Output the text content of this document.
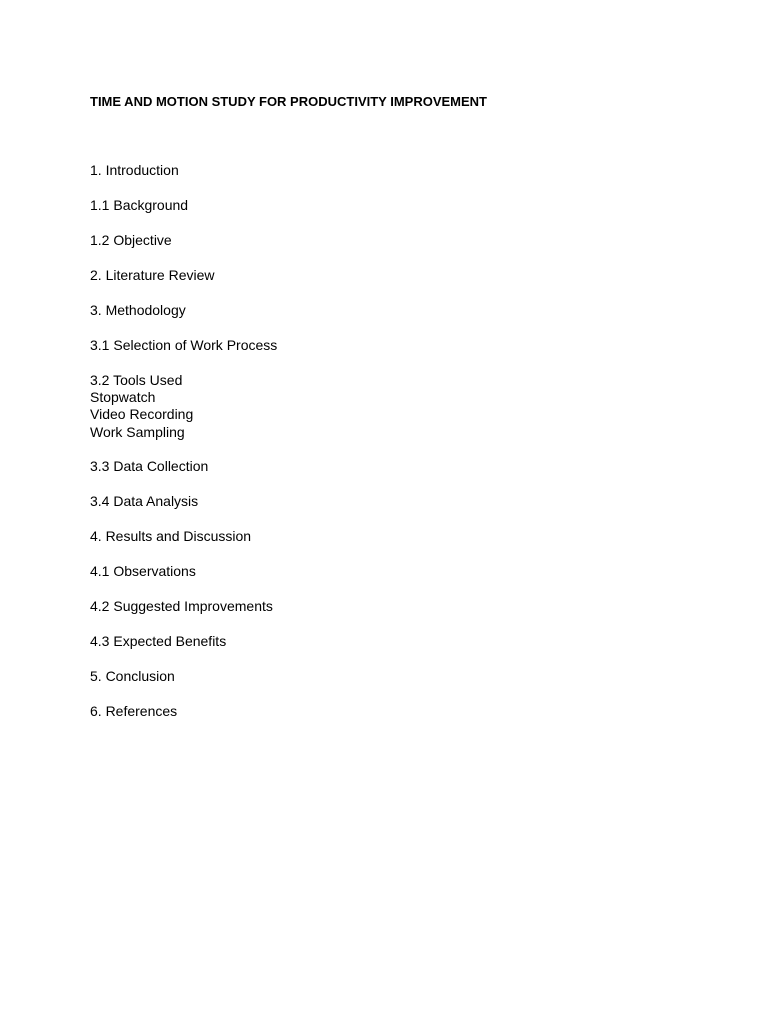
TIME AND MOTION STUDY FOR PRODUCTIVITY IMPROVEMENT
1. Introduction
1.1 Background
1.2 Objective
2. Literature Review
3. Methodology
3.1 Selection of Work Process
3.2 Tools Used
Stopwatch
Video Recording
Work Sampling
3.3 Data Collection
3.4 Data Analysis
4. Results and Discussion
4.1 Observations
4.2 Suggested Improvements
4.3 Expected Benefits
5. Conclusion
6. References
